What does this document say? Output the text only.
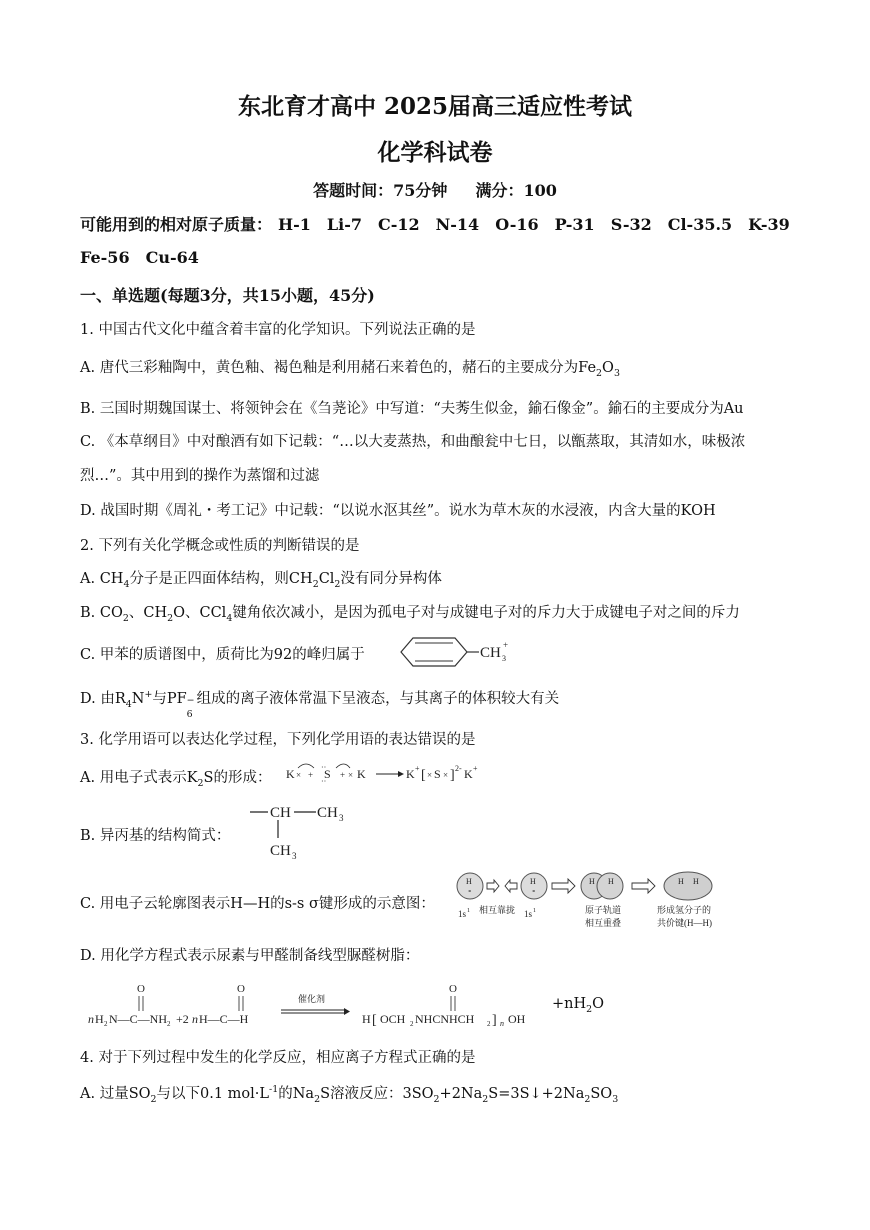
东北育才高中 2025届高三适应性考试
化学科试卷
答题时间：75分钟 满分：100
可能用到的相对原子质量： H-1 Li-7 C-12 N-14 O-16 P-31 S-32 Cl-35.5 K-39
Fe-56 Cu-64
一、单选题(每题3分，共15小题，45分)
1. 中国古代文化中蕴含着丰富的化学知识。下列说法正确的是
A. 唐代三彩釉陶中，黄色釉、褐色釉是利用赭石来着色的，赭石的主要成分为$Fe_2O_3$
B. 三国时期魏国谋士、将领钟会在《刍荛论》中写道：“夫莠生似金，鍮石像金”。鍮石的主要成分为Au
C. 《本草纲目》中对酿酒有如下记载：“…以大麦蒸热，和曲酿瓮中七日，以甑蒸取，其清如水，味极浓
烈…”。其中用到的操作为蒸馏和过滤
D. 战国时期《周礼・考工记》中记载：“以说水沤其丝”。说水为草木灰的水浸液，内含大量的KOH
2. 下列有关化学概念或性质的判断错误的是
A. $CH_4$分子是正四面体结构，则$CH_2Cl_2$没有同分异构体
B. $CO_2$、$CH_2O$、CCl$_4$键角依次减小，是因为孤电子对与成键电子对的斥力大于成键电子对之间的斥力
C. 甲苯的质谱图中，质荷比为92的峰归属于	CH 3
+
D. 由$R_4N^+$与PF −
6
组成的离子液体常温下呈液态，与其离子的体积较大有关
3. 化学用语可以表达化学过程，下列化学用语的表达错误的是
A. 用电子式表示$K_2S$的形成： K × + S
··
··
+ × K	K + [ × S × ] 2- K +
B. 异丙基的结构简式：
CH CH 3
CH 3
C. 用电子云轮廓图表示H—H的s-s σ键形成的示意图：
H
∘
1s 1 相互靠拢
H
∘
1s 1
H H
原子轨道
相互重叠
H H
形成氢分子的
共价键(H—H)
D. 用化学方程式表示尿素与甲醛制备线型脲醛树脂：
n H 2 N—C—NH 2
O
+2 n H—C—H
O
催化剂
H [ OCH 2 NHCNHCH 2 ] n OH
O
$+nH_2O$
4. 对于下列过程中发生的化学反应，相应离子方程式正确的是
A. 过量$SO_2$与以下0.1 $mol\cdot L^{-1}$的$Na_2S$溶液反应：$3SO_2+2Na_2S=3S↓+2Na_2SO_3$
